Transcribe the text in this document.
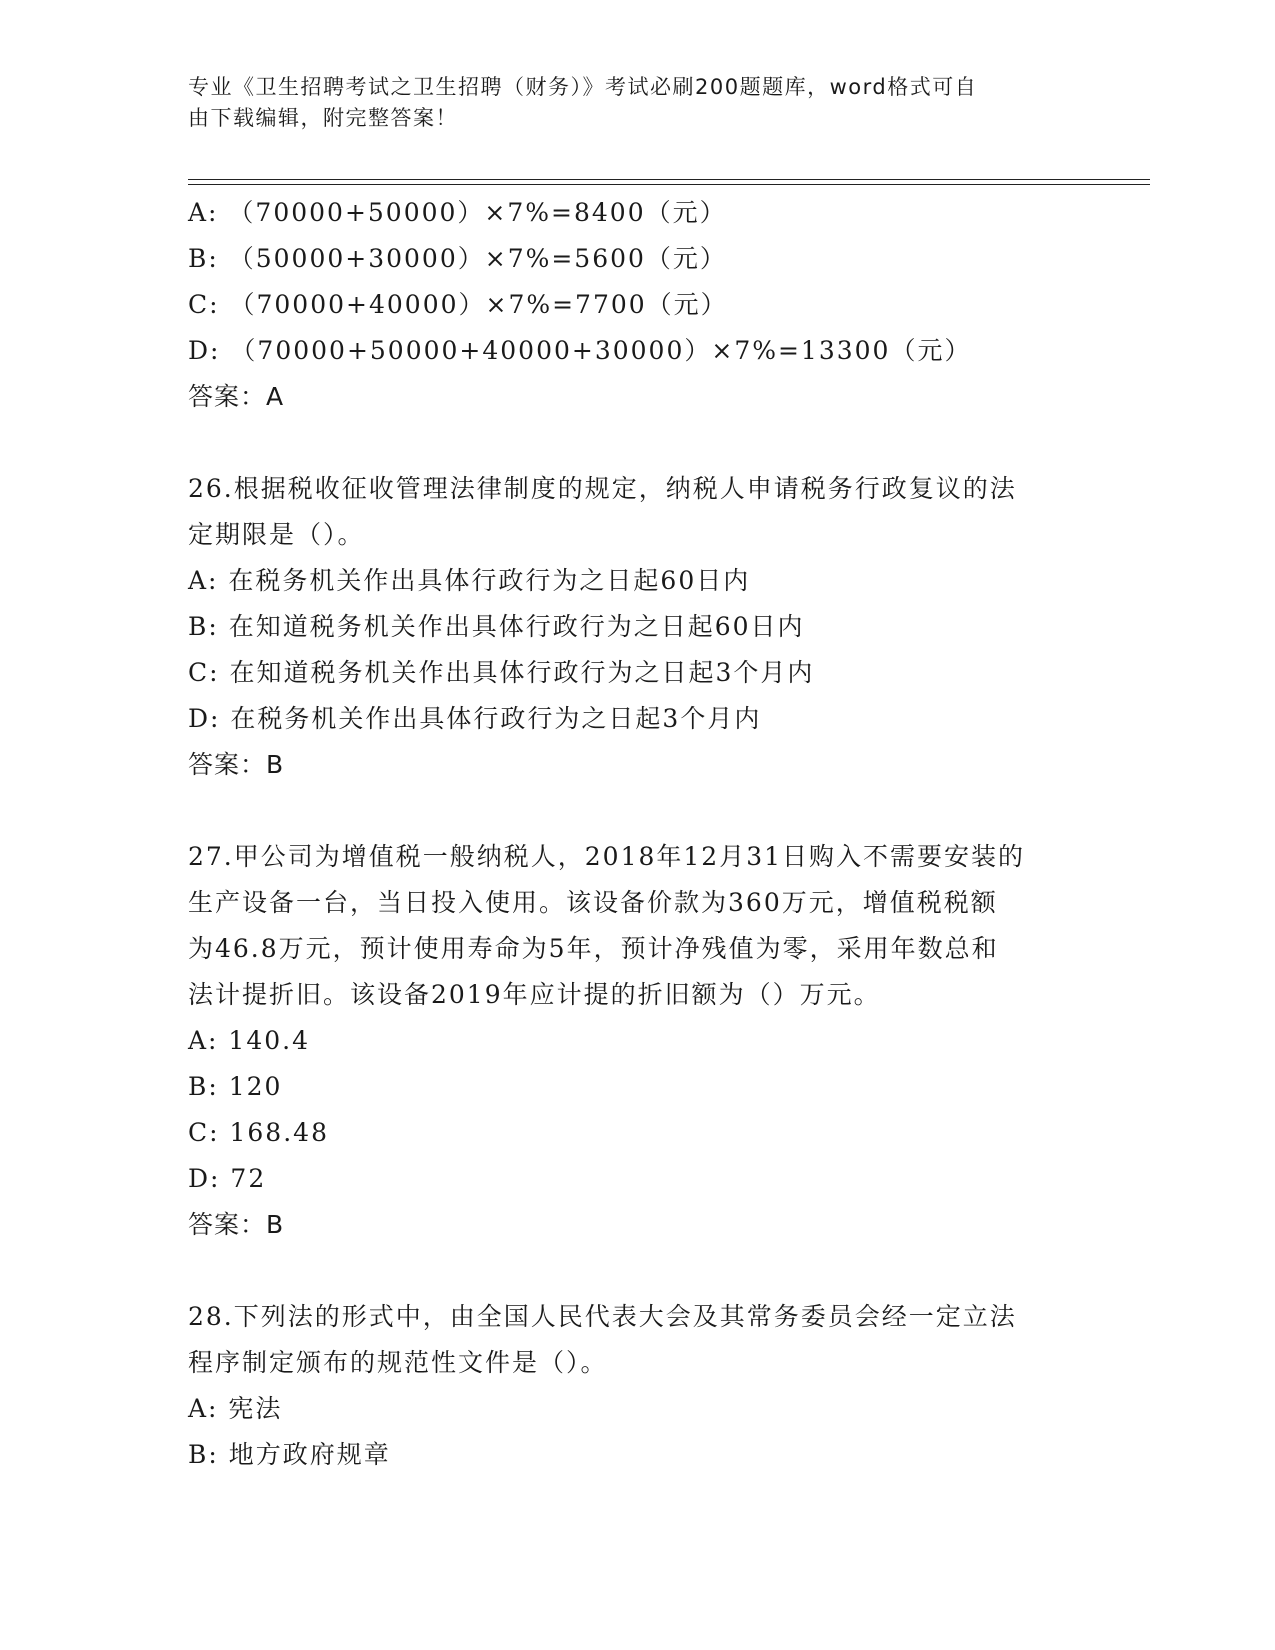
专业《卫生招聘考试之卫生招聘（财务）》考试必刷200题题库，word格式可自
由下载编辑，附完整答案！

A: （70000+50000）×7%=8400（元）

B: （50000+30000）×7%=5600（元）

C: （70000+40000）×7%=7700（元）

D: （70000+50000+40000+30000）×7%=13300（元）

答案：A

26.根据税收征收管理法律制度的规定，纳税人申请税务行政复议的法

定期限是（）。

A: 在税务机关作出具体行政行为之日起60日内

B: 在知道税务机关作出具体行政行为之日起60日内

C: 在知道税务机关作出具体行政行为之日起3个月内

D: 在税务机关作出具体行政行为之日起3个月内

答案：B

27.甲公司为增值税一般纳税人，2018年12月31日购入不需要安装的

生产设备一台，当日投入使用。该设备价款为360万元，增值税税额

为46.8万元，预计使用寿命为5年，预计净残值为零，采用年数总和

法计提折旧。该设备2019年应计提的折旧额为（）万元。

A: 140.4

B: 120

C: 168.48

D: 72

答案：B

28.下列法的形式中，由全国人民代表大会及其常务委员会经一定立法

程序制定颁布的规范性文件是（）。

A: 宪法

B: 地方政府规章
